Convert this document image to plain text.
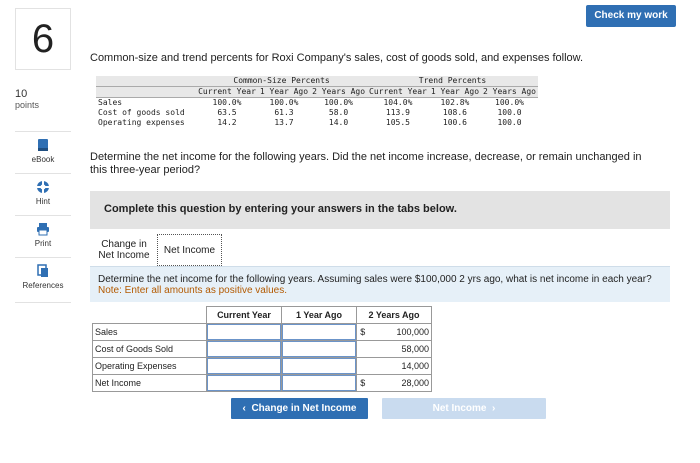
Check my work
6
10
points
eBook
Hint
Print
References
Common-size and trend percents for Roxi Company's sales, cost of goods sold, and expenses follow.
	Common-Size Percents			Trend Percents		
	Current Year	1 Year Ago	2 Years Ago	Current Year	1 Year Ago	2 Years Ago
Sales	100.0%	100.0%	100.0%	104.0%	102.8%	100.0%
Cost of goods sold	63.5	61.3	58.0	113.9	108.6	100.0
Operating expenses	14.2	13.7	14.0	105.5	100.6	100.0
Determine the net income for the following years. Did the net income increase, decrease, or remain unchanged in this three-year period?
Complete this question by entering your answers in the tabs below.
Change in Net Income	Net Income
Determine the net income for the following years. Assuming sales were $100,000 2 yrs ago, what is net income in each year?
Note: Enter all amounts as positive values.
	Current Year	1 Year Ago	2 Years Ago	
Sales			$	100,000
Cost of Goods Sold				58,000
Operating Expenses				14,000
Net Income			$	28,000
‹  Change in Net Income	Net Income  ›
